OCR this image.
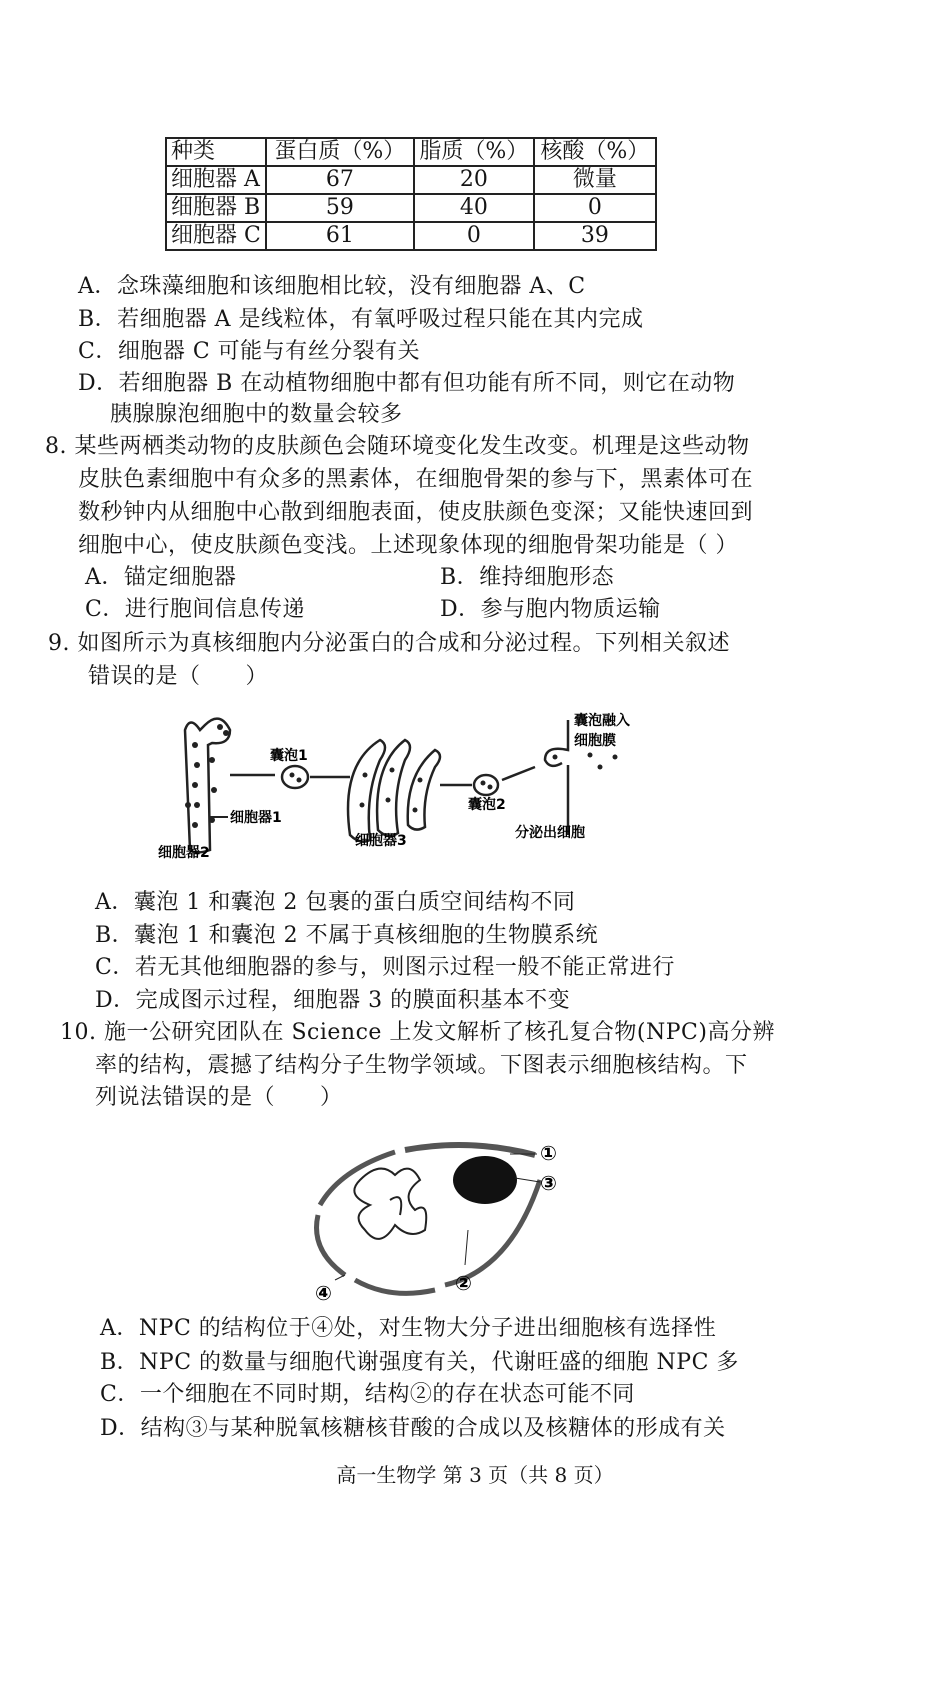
种类	蛋白质（%）	脂质（%）	核酸（%）
细胞器 A	67	20	微量
细胞器 B	59	40	0
细胞器 C	61	0	39
A．念珠藻细胞和该细胞相比较，没有细胞器 A、C
B．若细胞器 A 是线粒体，有氧呼吸过程只能在其内完成
C．细胞器 C 可能与有丝分裂有关
D．若细胞器 B 在动植物细胞中都有但功能有所不同，则它在动物
胰腺腺泡细胞中的数量会较多
8. 某些两栖类动物的皮肤颜色会随环境变化发生改变。机理是这些动物
皮肤色素细胞中有众多的黑素体，在细胞骨架的参与下，黑素体可在
数秒钟内从细胞中心散到细胞表面，使皮肤颜色变深；又能快速回到
细胞中心，使皮肤颜色变浅。上述现象体现的细胞骨架功能是（ ）
A．锚定细胞器	B．维持细胞形态
C．进行胞间信息传递	D．参与胞内物质运输
9. 如图所示为真核细胞内分泌蛋白的合成和分泌过程。下列相关叙述
错误的是（　　）
囊泡1
细胞器1
细胞器2
细胞器3
囊泡2
囊泡融入
细胞膜
分泌出细胞
A．囊泡 1 和囊泡 2 包裹的蛋白质空间结构不同
B．囊泡 1 和囊泡 2 不属于真核细胞的生物膜系统
C．若无其他细胞器的参与，则图示过程一般不能正常进行
D．完成图示过程，细胞器 3 的膜面积基本不变
10. 施一公研究团队在 Science 上发文解析了核孔复合物(NPC)高分辨
率的结构，震撼了结构分子生物学领域。下图表示细胞核结构。下
列说法错误的是（　　）
①
③
④	②
A．NPC 的结构位于④处，对生物大分子进出细胞核有选择性
B．NPC 的数量与细胞代谢强度有关，代谢旺盛的细胞 NPC 多
C．一个细胞在不同时期，结构②的存在状态可能不同
D．结构③与某种脱氧核糖核苷酸的合成以及核糖体的形成有关
高一生物学 第 3 页（共 8 页）
